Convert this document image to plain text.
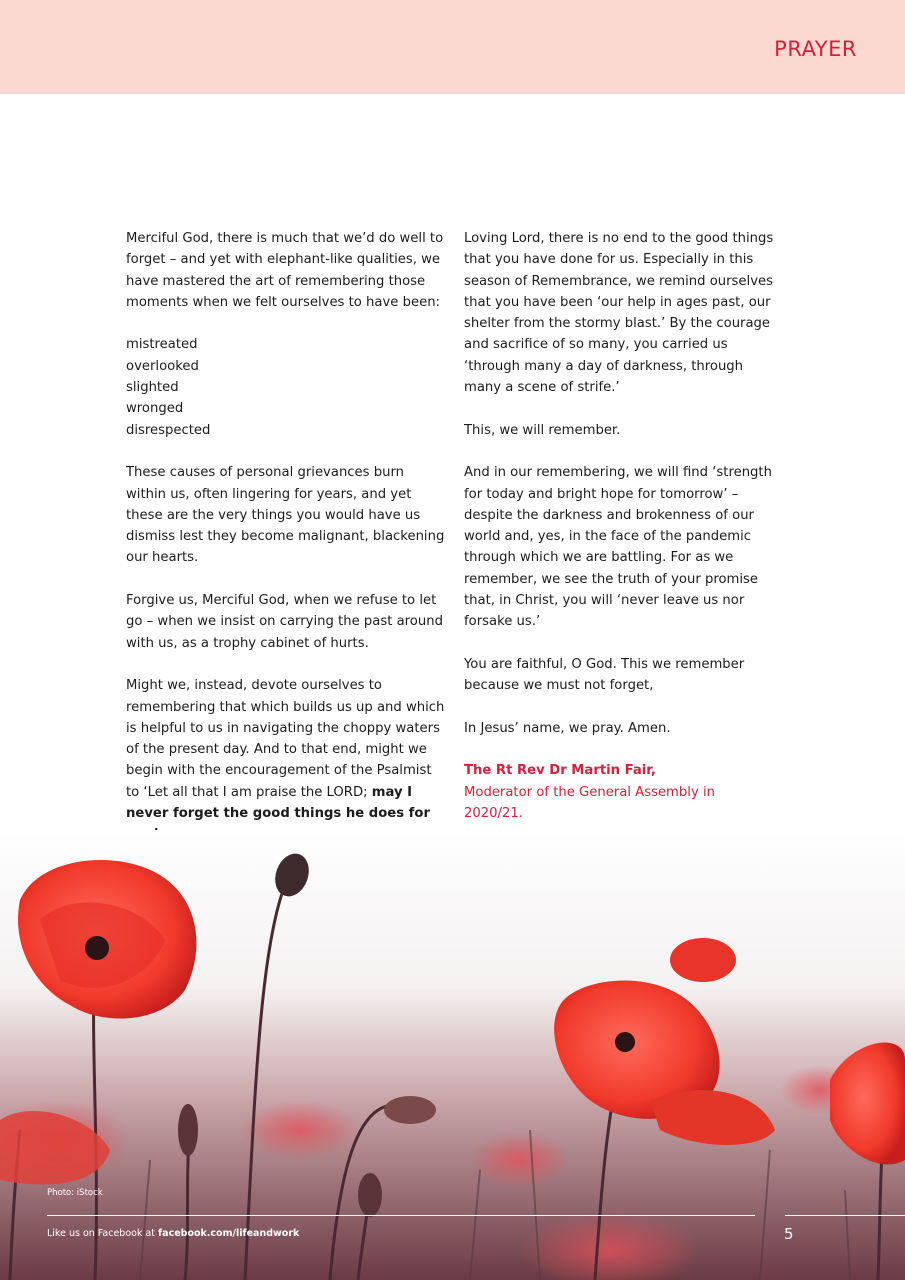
PRAYER

Merciful God, there is much that we’d do well to forget – and yet with elephant-like qualities, we have mastered the art of remembering those moments when we felt ourselves to have been:

mistreated
overlooked
slighted
wronged
disrespected

These causes of personal grievances burn within us, often lingering for years, and yet these are the very things you would have us dismiss lest they become malignant, blackening our hearts.

Forgive us, Merciful God, when we refuse to let go – when we insist on carrying the past around with us, as a trophy cabinet of hurts.

Might we, instead, devote ourselves to remembering that which builds us up and which is helpful to us in navigating the choppy waters of the present day. And to that end, might we begin with the encouragement of the Psalmist to ‘Let all that I am praise the LORD; may I never forget the good things he does for

Loving Lord, there is no end to the good things that you have done for us. Especially in this season of Remembrance, we remind ourselves that you have been ‘our help in ages past, our shelter from the stormy blast.’ By the courage and sacrifice of so many, you carried us ‘through many a day of darkness, through many a scene of strife.’

This, we will remember.

And in our remembering, we will find ‘strength for today and bright hope for tomorrow’ – despite the darkness and brokenness of our world and, yes, in the face of the pandemic through which we are battling. For as we remember, we see the truth of your promise that, in Christ, you will ‘never leave us nor forsake us.’

You are faithful, O God. This we remember because we must not forget,

In Jesus’ name, we pray. Amen.

The Rt Rev Dr Martin Fair,
Moderator of the General Assembly in 2020/21.
Photo: iStock
Like us on Facebook at facebook.com/lifeandwork	5
